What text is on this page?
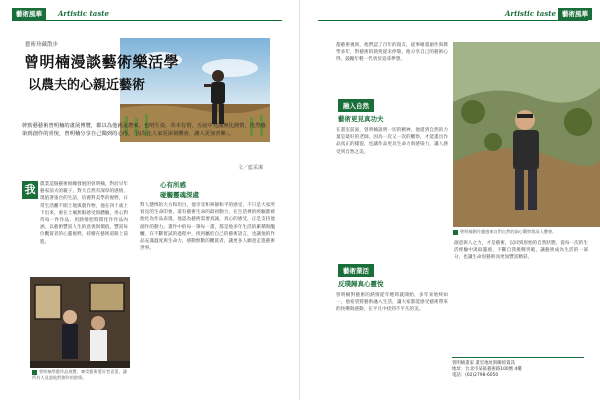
藝術風華	Artistic taste
藝術珍藏散步
曾明楠漫談藝術樂活學
以農夫的心親近藝術
幹勁藝藝術曾明楠的畫展博覽，都以為他就是農家，也明生姿，草木有情，舌說中充滿無比熱情，洗烈感染到創作的喜悅，曾明楠分享自己獨到的心得，「因為比人家更深刻體會，讓人更加青睞」。
文／藍采潔
我 農業這個藝術組織發展的曾明楠，對於早年藝家前夫的親子，對大自然有深厚的感情，現值著張台的生話，培養對美學的視野，日常生活離不開土地與農作物，他在四十歲上下出來，重在土壤無限感受與體驗，用心對待每一件作品，用熱情把時間化作作品內涵，以藝術豐富人生的意義與價值，豐富每位觀賞者的心靈視野，持續在藝術道路上前進。
心有所感
碰觸靈魂深處
對人態博的大方和坦白，他享受和寧靜和平的感受，不只是大家所看見的生命印象，還有藝術生命的最初動力，在生活裡的經驗都被他化為作品表現，他認為藝術需要真誠，真心的感受，正是支持他創作的動力。畫作中的每一筆每一畫，都是他多年生活的累積與醞釀，在不斷嘗試的過程中，找到屬於自己的藝術語言，也讓他的作品充滿溫度與生命力，感動無數的觀賞者，讓更多人願意走進藝術世界。
曾明楠學藝作品展覽，廣受藝術愛好者喜愛，讓所有人見證他對創作的熱情。
Artistic taste 藝術風華
都藝術視與，他們認了百年的資友，從事繪畫創作與教學多年，對藝術的熱愛從未停歇，他分享自己的藝術心得，鼓勵年輕一代勇於追尋夢想。
融入自然
藝術更見真功夫
在畫室前面，曾明楠說明一切的精神，他提到自然的力量是最好的老師，因為一次又一次的觀察，才能畫出作品真正的樣貌，也讓作品更具生命力與感染力，讓人感受到自然之美。
藝術業活
反璞歸真心靈悅
曾明楠對藝術的熱情從年輕時就開始，多年來始終如一，他希望將藝術融入生活，讓大家都能感受藝術帶來的快樂與感動，在平凡中找到不平凡的美。
曾明楠創作靈感來自對自然的細心觀察與深入體會。
創意與人之力，才是藝術，以回到原始的自然狀態，從每一次的生活經驗中汲取靈感，不斷自我挑戰突破，讓藝術成為生活的一部分，也讓生命因藝術而更加豐富精彩。
曾明楠畫家 畫室地址與聯絡資訊
地址：台北市某區藝術路100號 4樓
電話：(02)2798-6050
